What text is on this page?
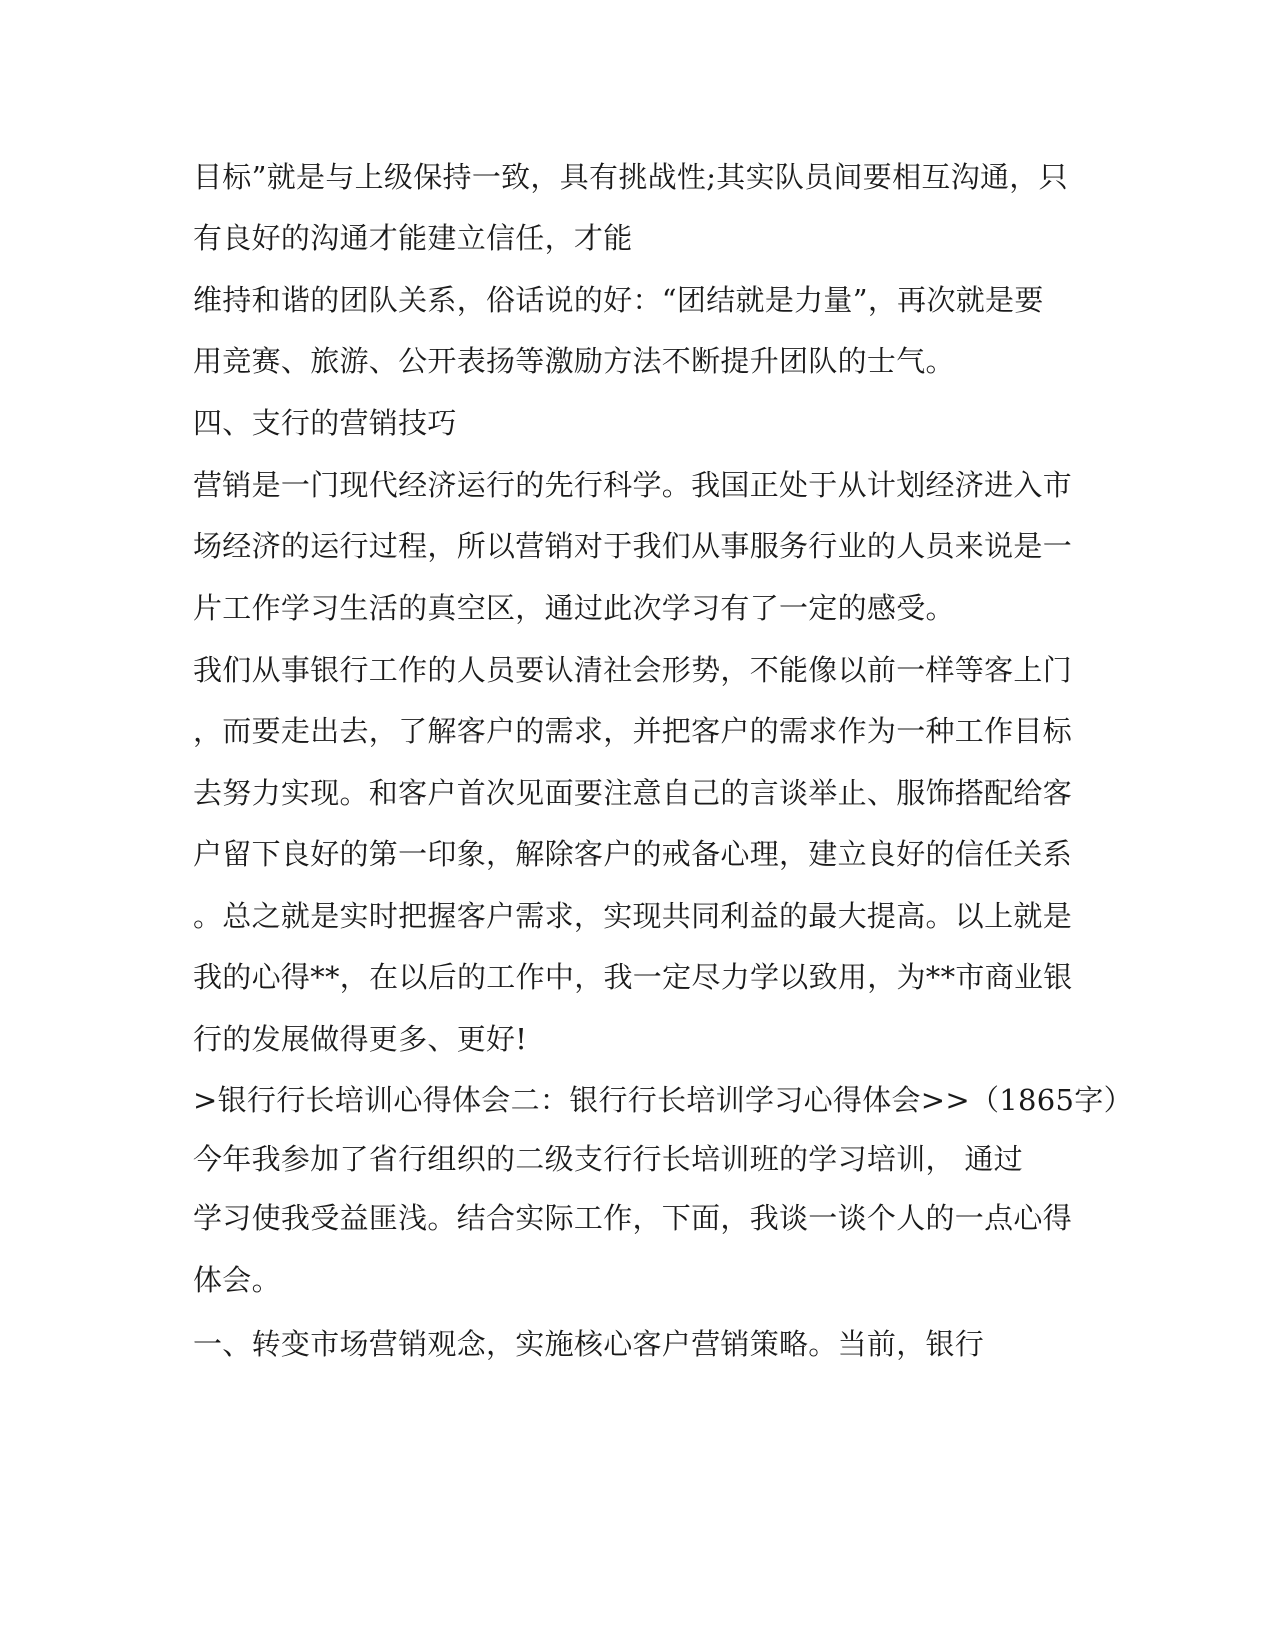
目标”就是与上级保持一致，具有挑战性;其实队员间要相互沟通，只
有良好的沟通才能建立信任，才能
维持和谐的团队关系，俗话说的好：“团结就是力量”，再次就是要
用竞赛、旅游、公开表扬等激励方法不断提升团队的士气。
四、支行的营销技巧
营销是一门现代经济运行的先行科学。我国正处于从计划经济进入市
场经济的运行过程，所以营销对于我们从事服务行业的人员来说是一
片工作学习生活的真空区，通过此次学习有了一定的感受。
我们从事银行工作的人员要认清社会形势，不能像以前一样等客上门
，而要走出去，了解客户的需求，并把客户的需求作为一种工作目标
去努力实现。和客户首次见面要注意自己的言谈举止、服饰搭配给客
户留下良好的第一印象，解除客户的戒备心理，建立良好的信任关系
。总之就是实时把握客户需求，实现共同利益的最大提高。以上就是
我的心得**，在以后的工作中，我一定尽力学以致用，为**市商业银
行的发展做得更多、更好!
>银行行长培训心得体会二：银行行长培训学习心得体会>>（1865字）
今年我参加了省行组织的二级支行行长培训班的学习培训， 通过
学习使我受益匪浅。结合实际工作，下面，我谈一谈个人的一点心得
体会。
一、转变市场营销观念，实施核心客户营销策略。当前，银行
